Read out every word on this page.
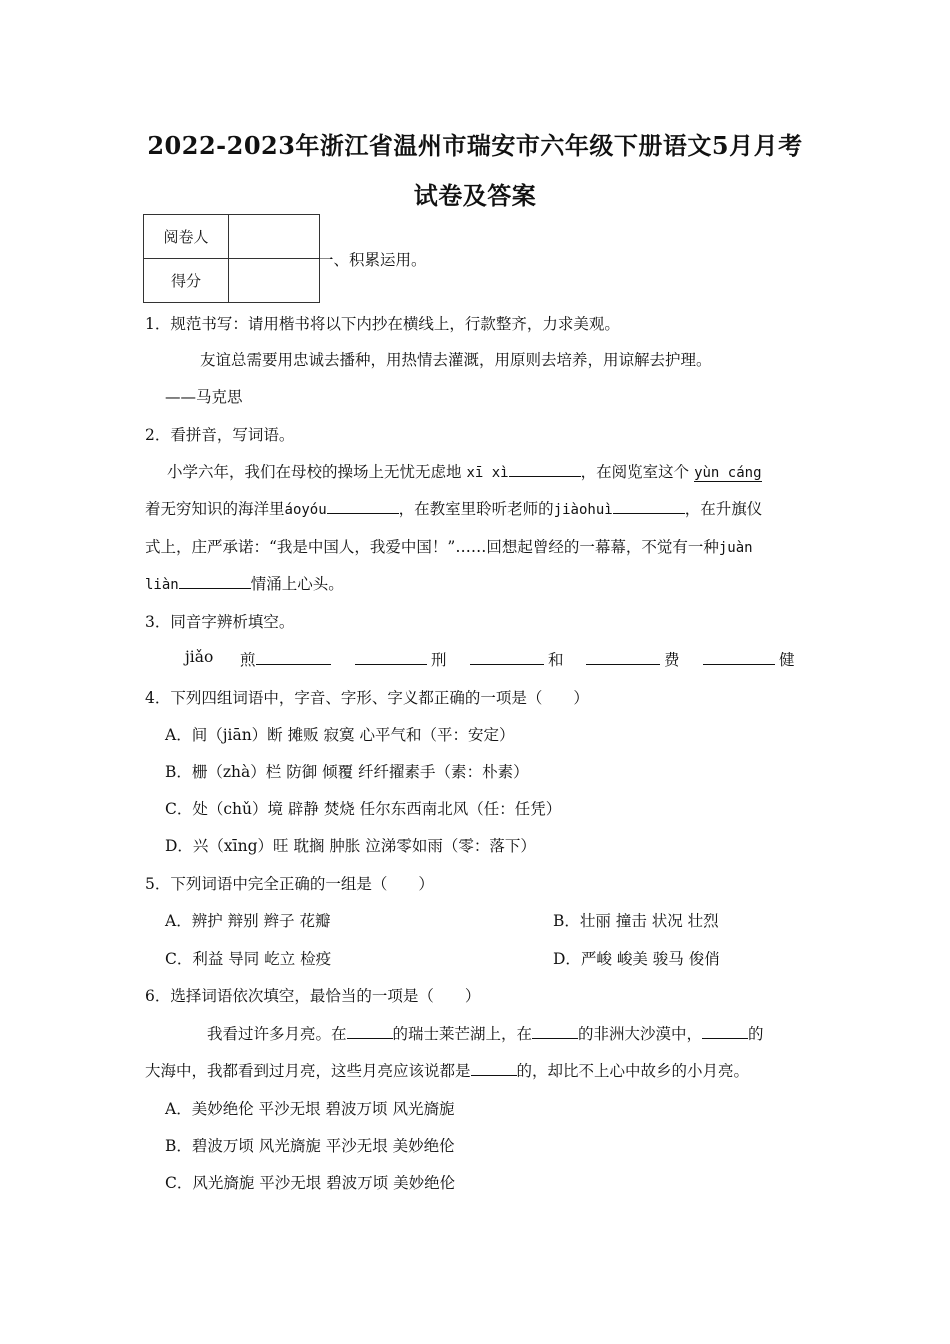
2022-2023年浙江省温州市瑞安市六年级下册语文5月月考
试卷及答案
阅卷人	
得分	
一、积累运用。
1．规范书写：请用楷书将以下内抄在横线上，行款整齐，力求美观。
友谊总需要用忠诚去播种，用热情去灌溉，用原则去培养，用谅解去护理。
——马克思
2．看拼音，写词语。
小学六年，我们在母校的操场上无忧无虑地 xī xì	，在阅览室这个 yùn cáng
着无穷知识的海洋里áoyóu	，在教室里聆听老师的jiàohuì	，在升旗仪
式上，庄严承诺：“我是中国人，我爱中国！”……回想起曾经的一幕幕，不觉有一种juàn
liàn	情涌上心头。
3．同音字辨析填空。
jiǎo 煎	刑	和	费	健
4．下列四组词语中，字音、字形、字义都正确的一项是（　　）
A．间（jiān）断 摊贩 寂寞 心平气和（平：安定）
B．栅（zhà）栏 防御 倾覆 纤纤擢素手（素：朴素）
C．处（chǔ）境 辟静 焚烧 任尔东西南北风（任：任凭）
D．兴（xīng）旺 耽搁 肿胀 泣涕零如雨（零：落下）
5．下列词语中完全正确的一组是（　　）
A．辨护 辩别 辫子 花瓣	B．壮丽 撞击 状况 壮烈
C．利益 导同 屹立 检疫	D．严峻 峻美 骏马 俊俏
6．选择词语依次填空，最恰当的一项是（　　）
我看过许多月亮。在	的瑞士莱芒湖上，在	的非洲大沙漠中，	的
大海中，我都看到过月亮，这些月亮应该说都是	的，却比不上心中故乡的小月亮。
A．美妙绝伦 平沙无垠 碧波万顷 风光旖旎
B．碧波万顷 风光旖旎 平沙无垠 美妙绝伦
C．风光旖旎 平沙无垠 碧波万顷 美妙绝伦
